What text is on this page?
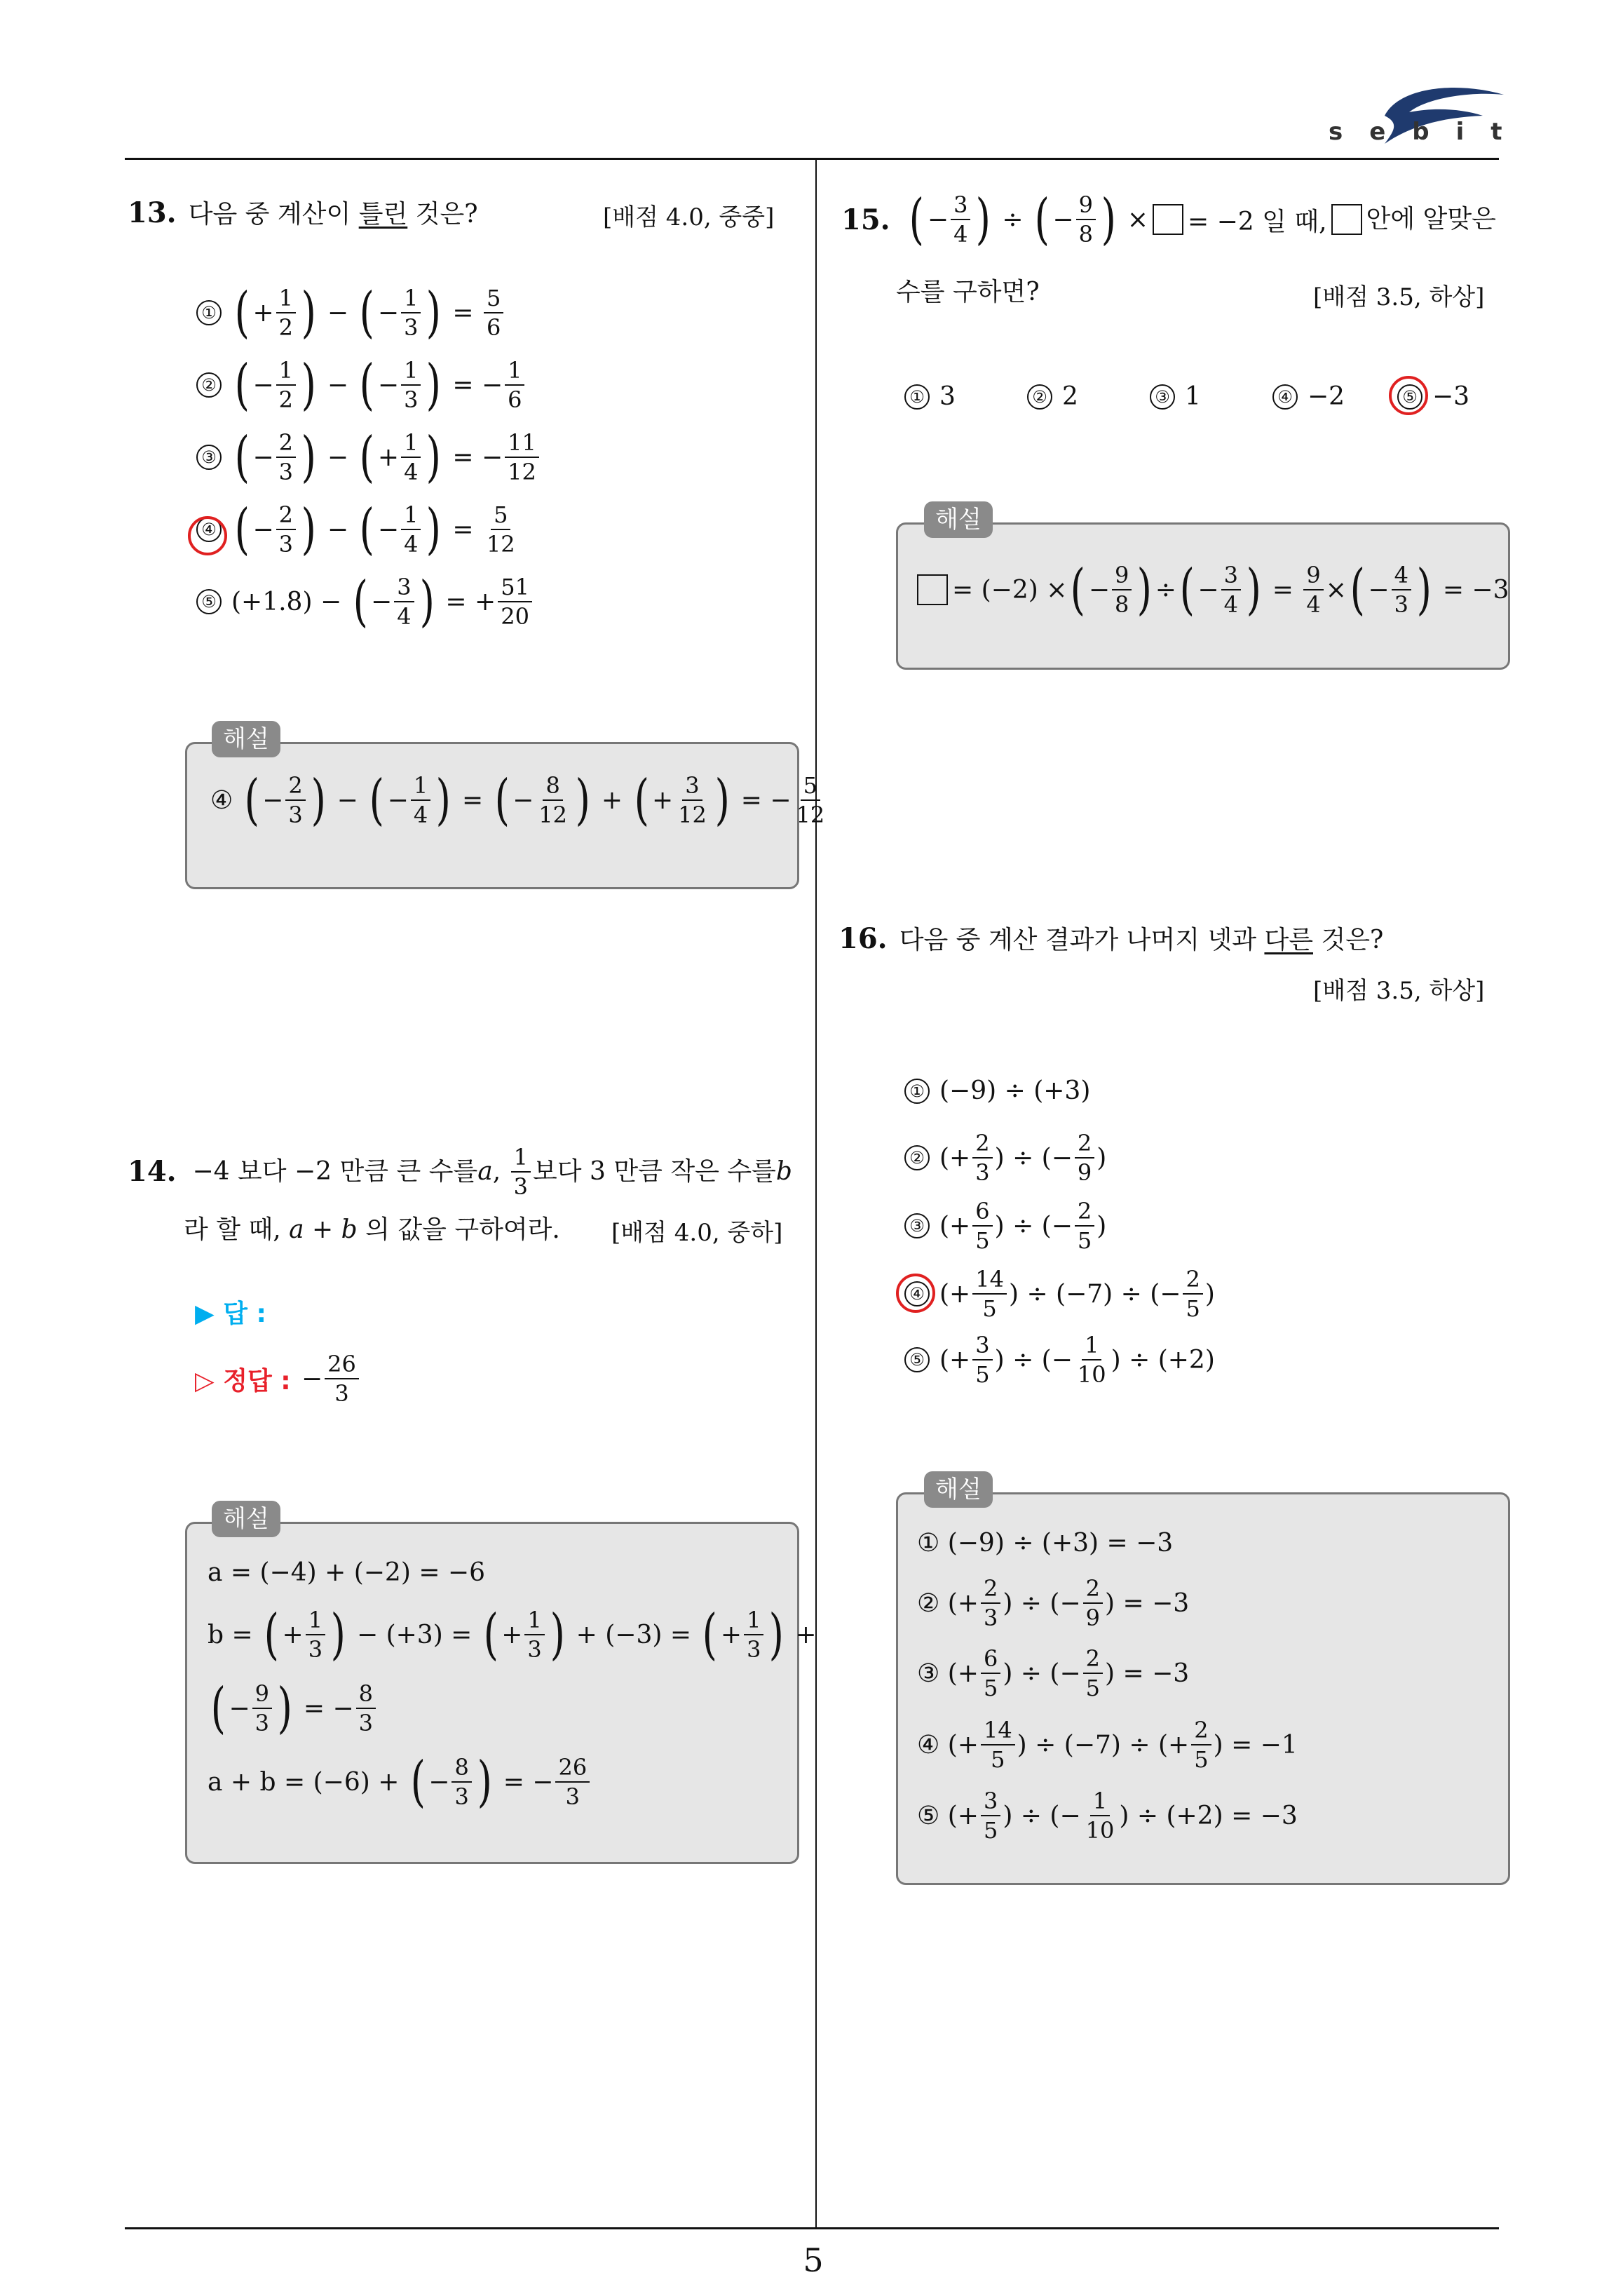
sebit
5
13. 다음 중 계산이 틀린 것은?	[배점 4.0, 중중]
① ( + $\frac{1}{2}$ ) − ( − $\frac{1}{3}$ ) = $\frac{5}{6}$
② ( − $\frac{1}{2}$ ) − ( − $\frac{1}{3}$ ) = − $\frac{1}{6}$
③ ( − $\frac{2}{3}$ ) − ( + $\frac{1}{4}$ ) = − $\frac{11}{12}$
④ ( − $\frac{2}{3}$ ) − ( − $\frac{1}{4}$ ) = $\frac{5}{12}$
⑤ (+1.8) − ( − $\frac{3}{4}$ ) = + $\frac{51}{20}$
해설
④
( − $\frac{2}{3}$ ) − ( − $\frac{1}{4}$ ) = ( − $\frac{8}{12}$ ) + ( + $\frac{3}{12}$ ) = − $\frac{5}{12}$
14.
−4 보다 −2 만큼 큰 수를 a ,
$\frac{1}{3}$ 보다 3 만큼 작은 수를 b
라 할 때, a + b 의 값을 구하여라. [배점 4.0, 중하]
▶ 답 :
▷ 정답 :
− $\frac{26}{3}$
해설
a = (−4) + (−2) = −6
b =
( + $\frac{1}{3}$ )
− (+3) =
( + $\frac{1}{3}$ )
+ (−3) =
( + $\frac{1}{3}$ )
+
( − $\frac{9}{3}$ )
= − $\frac{8}{3}$
a + b = (−6) +
( − $\frac{8}{3}$ )
= − $\frac{26}{3}$
15.
( − $\frac{3}{4}$ )
÷
( − $\frac{9}{8}$ )
× = −2 일 때, 안에 알맞은
수를 구하면?	[배점 3.5, 하상]
① 3	② 2	③ 1	④ −2	⑤ −3
해설
= (−2) × ( − $\frac{9}{8}$ ) ÷ ( − $\frac{3}{4}$ ) = $\frac{9}{4}$ × ( − $\frac{4}{3}$ )
= −3
16. 다음 중 계산 결과가 나머지 넷과 다른 것은?
[배점 3.5, 하상]
① (−9) ÷ (+3)
② (+ $\frac{2}{3}$ ) ÷ (− $\frac{2}{9}$ )
③ (+ $\frac{6}{5}$ ) ÷ (− $\frac{2}{5}$ )
④ (+ $\frac{14}{5}$ ) ÷ (−7) ÷ (− $\frac{2}{5}$ )
⑤ (+ $\frac{3}{5}$ ) ÷ (− $\frac{1}{10}$ ) ÷ (+2)
해설
① (−9) ÷ (+3) = −3
②
(+ $\frac{2}{3}$ ) ÷ (− $\frac{2}{9}$ ) = −3
③
(+ $\frac{6}{5}$ ) ÷ (− $\frac{2}{5}$ ) = −3
④
(+ $\frac{14}{5}$ ) ÷ (−7) ÷ (+ $\frac{2}{5}$ ) = −1
⑤
(+ $\frac{3}{5}$ ) ÷ (− $\frac{1}{10}$ ) ÷ (+2)
= −3
